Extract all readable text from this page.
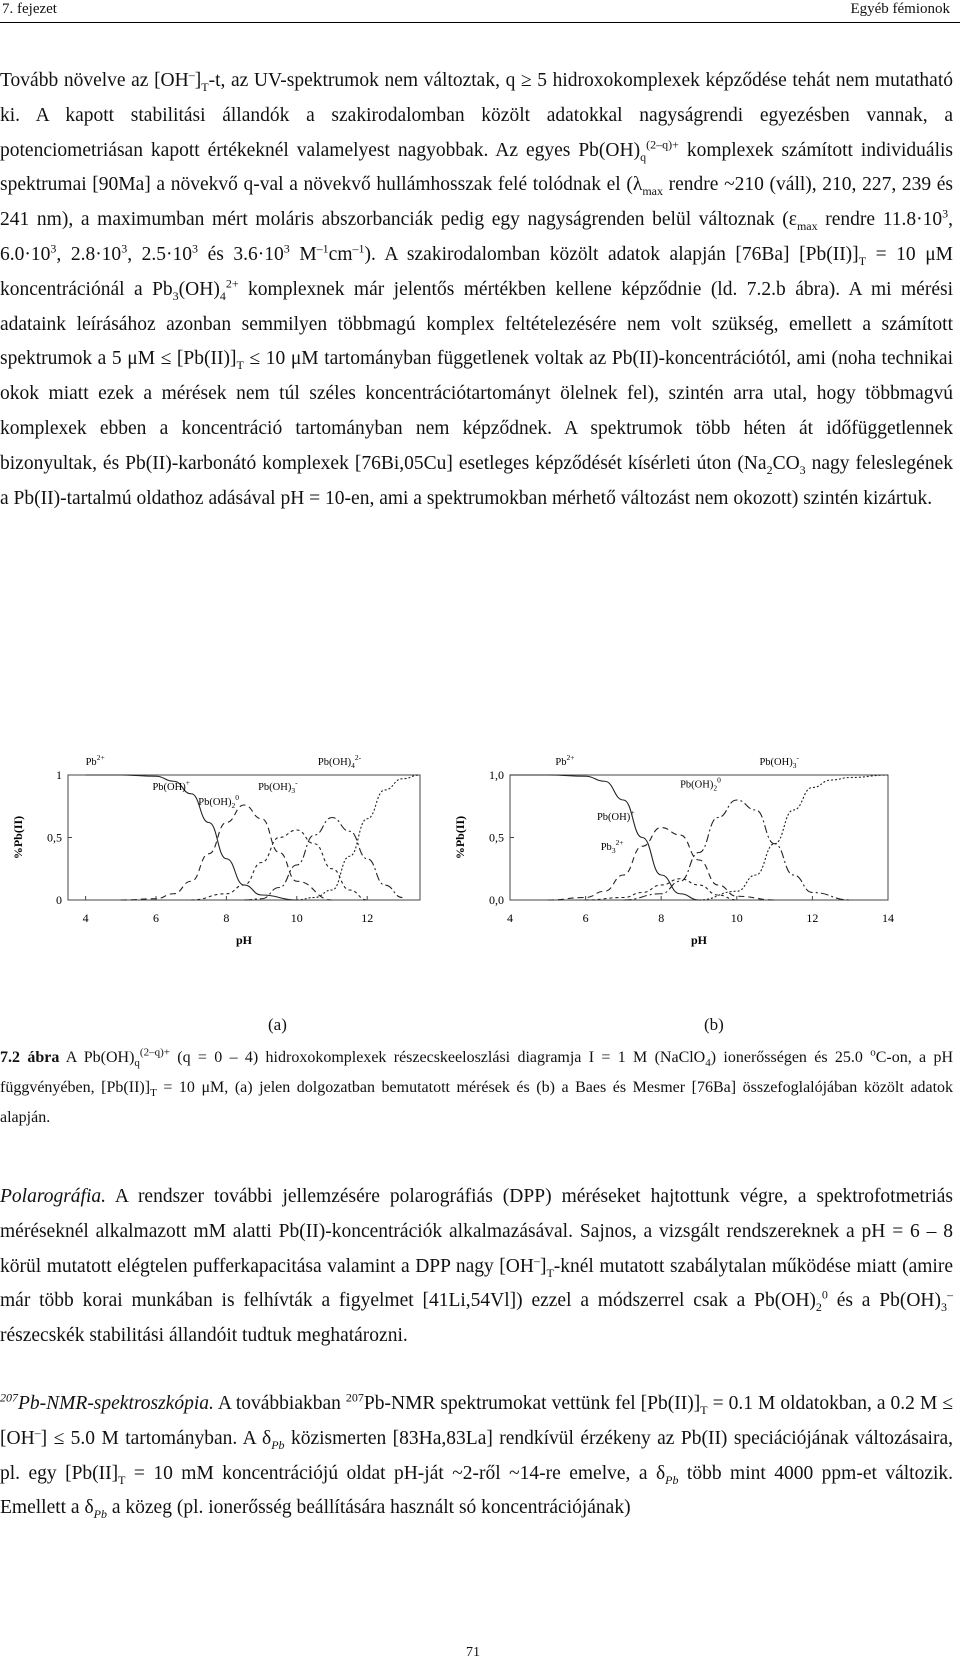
7. fejezet	Egyéb fémionok

Tovább növelve az $[OH^-]_T-t$, az UV-spektrumok nem változtak, q ≥ 5 hidroxokomplexek képződése tehát nem mutatható ki. A kapott stabilitási állandók a szakirodalomban közölt adatokkal nagyságrendi egyezésben vannak, a potenciometriásan kapott értékeknél valamelyest nagyobbak. Az egyes $Pb(OH)_q^{(2-q)+}$ komplexek számított individuális spektrumai [90Ma] a növekvő q-val a növekvő hullámhosszak felé tolódnak el ($\lambda_{max}$ rendre ~210 (váll), 210, 227, 239 és 241 nm), a maximumban mért moláris abszorbanciák pedig egy nagyságrenden belül változnak ($\varepsilon_{max}$ rendre $11.8\cdot 10^3$, $6.0\cdot 10^3$, $2.8\cdot 10^3$, $2.5\cdot 10^3$ és $3.6\cdot 10^3$ $M^{-1}cm^{-1}$). A szakirodalomban közölt adatok alapján [76Ba] $[Pb(II)]_T = 10$ μM koncentrációnál a $Pb_3(OH)_4^{2+}$ komplexnek már jelentős mértékben kellene képződnie (ld. 7.2.b ábra). A mi mérési adataink leírásához azonban semmilyen többmagú komplex feltételezésére nem volt szükség, emellett a számított spektrumok a 5 $\mu M \le [Pb(II)]_T \le 10$ μM tartományban függetlenek voltak az Pb(II)-koncentrációtól, ami (noha technikai okok miatt ezek a mérések nem túl széles koncentrációtartományt ölelnek fel), szintén arra utal, hogy többmagvú komplexek ebben a koncentráció tartományban nem képződnek. A spektrumok több héten át időfüggetlennek bizonyultak, és Pb(II)-karbonátó komplexek [76Bi,05Cu] esetleges képződését kísérleti úton ($Na_2CO_3$ nagy feleslegének a Pb(II)-tartalmú oldathoz adásával pH = 10-en, ami a spektrumokban mérhető változást nem okozott) szintén kizártuk.

0
0,5
1
4	6	8	10	12
pH
%Pb(II)
$Pb^{2+}$
Pb(OH)+
$Pb(OH)_2^0$
$Pb(OH)_3^-$
$Pb(OH)_4^{2-}$
0,0
0,5
1,0
4	6	8	10	12	14
pH
%Pb(II)
$Pb^{2+}$
Pb(OH)+
$Pb_3^{2+}$
$Pb(OH)_2^0$
$Pb(OH)_3^-$
(a)	(b)

7.2 ábra A $Pb(OH)_q^{(2-q)+}$ (q = 0 – 4) hidroxokomplexek részecskeeloszlási diagramja I = 1 M (NaClO$_4$) ionerősségen és 25.0 $^o$C-on, a pH függvényében, $[Pb(II)]_T = 10$ μM, (a) jelen dolgozatban bemutatott mérések és (b) a Baes és Mesmer [76Ba] összefoglalójában közölt adatok alapján.

Polarográfia. A rendszer további jellemzésére polarográfiás (DPP) méréseket hajtottunk végre, a spektrofotmetriás méréseknél alkalmazott mM alatti Pb(II)-koncentrációk alkalmazásával. Sajnos, a vizsgált rendszereknek a pH = 6 – 8 körül mutatott elégtelen pufferkapacitása valamint a DPP nagy $[OH^-]_T$-knél mutatott szabálytalan működése miatt (amire már több korai munkában is felhívták a figyelmet [41Li,54Vl]) ezzel a módszerrel csak a $Pb(OH)_2^0$ és a $Pb(OH)_3^-$ részecskék stabilitási állandóit tudtuk meghatározni.

$^{207}$Pb-NMR-spektroszkópia. A továbbiakban $^{207}$Pb-NMR spektrumokat vettünk fel $[Pb(II)]_T = 0.1$ M oldatokban, a 0.2 M ≤ [OH–] ≤ 5.0 M tartományban. A $\delta_{Pb}$ közismerten [83Ha,83La] rendkívül érzékeny az Pb(II) speciációjának változásaira, pl. egy [$Pb(II]_T = 10$ mM koncentrációjú oldat pH-ját ~2-ről ~14-re emelve, a $\delta_{Pb}$ több mint 4000 ppm-et változik. Emellett a $\delta_{Pb}$ a közeg (pl. ionerősség beállítására használt só koncentrációjának)

71
